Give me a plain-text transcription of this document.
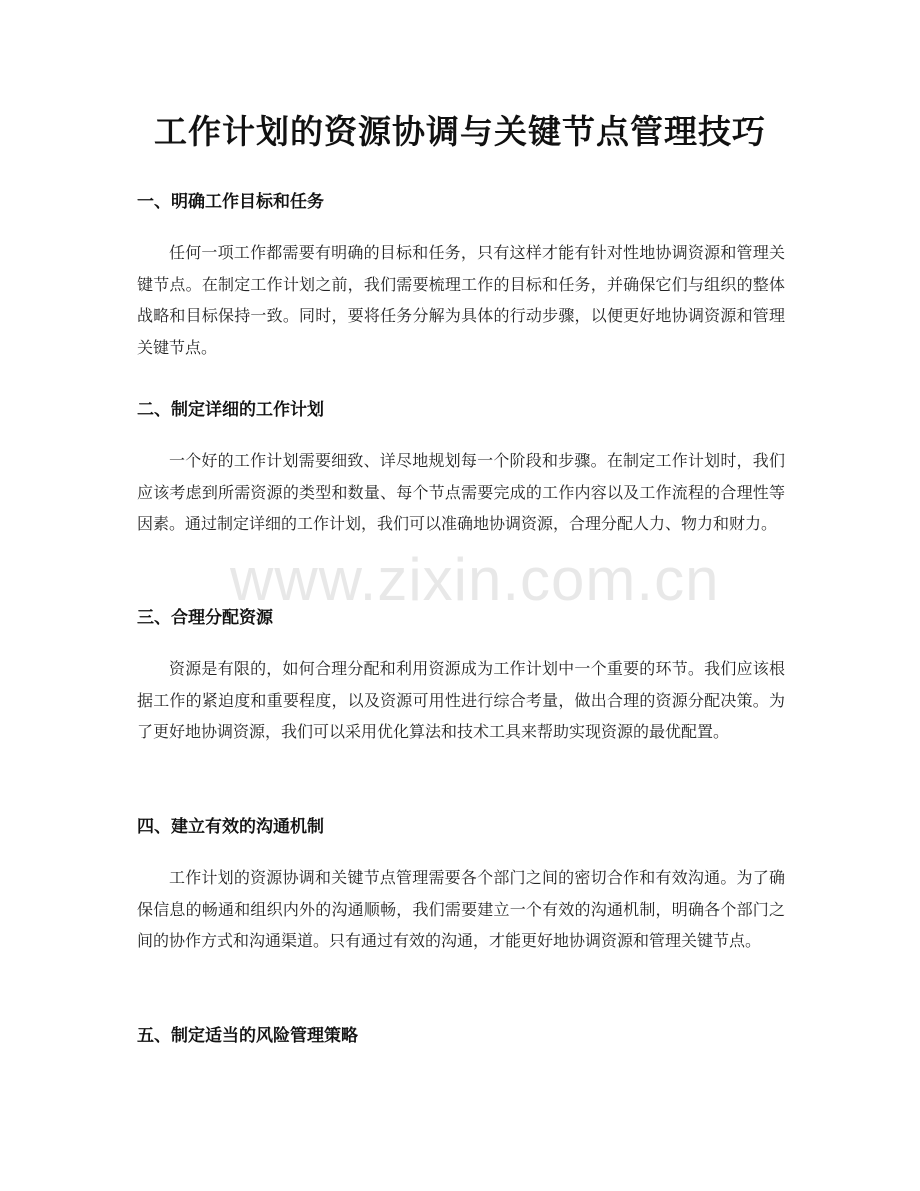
工作计划的资源协调与关键节点管理技巧
一、明确工作目标和任务

任何一项工作都需要有明确的目标和任务，只有这样才能有针对性地协调资源和管理关键节点。在制定工作计划之前，我们需要梳理工作的目标和任务，并确保它们与组织的整体战略和目标保持一致。同时，要将任务分解为具体的行动步骤，以便更好地协调资源和管理关键节点。

二、制定详细的工作计划

一个好的工作计划需要细致、详尽地规划每一个阶段和步骤。在制定工作计划时，我们应该考虑到所需资源的类型和数量、每个节点需要完成的工作内容以及工作流程的合理性等因素。通过制定详细的工作计划，我们可以准确地协调资源，合理分配人力、物力和财力。

三、合理分配资源

资源是有限的，如何合理分配和利用资源成为工作计划中一个重要的环节。我们应该根据工作的紧迫度和重要程度，以及资源可用性进行综合考量，做出合理的资源分配决策。为了更好地协调资源，我们可以采用优化算法和技术工具来帮助实现资源的最优配置。

四、建立有效的沟通机制

工作计划的资源协调和关键节点管理需要各个部门之间的密切合作和有效沟通。为了确保信息的畅通和组织内外的沟通顺畅，我们需要建立一个有效的沟通机制，明确各个部门之间的协作方式和沟通渠道。只有通过有效的沟通，才能更好地协调资源和管理关键节点。

五、制定适当的风险管理策略
www.zixin.com.cn
